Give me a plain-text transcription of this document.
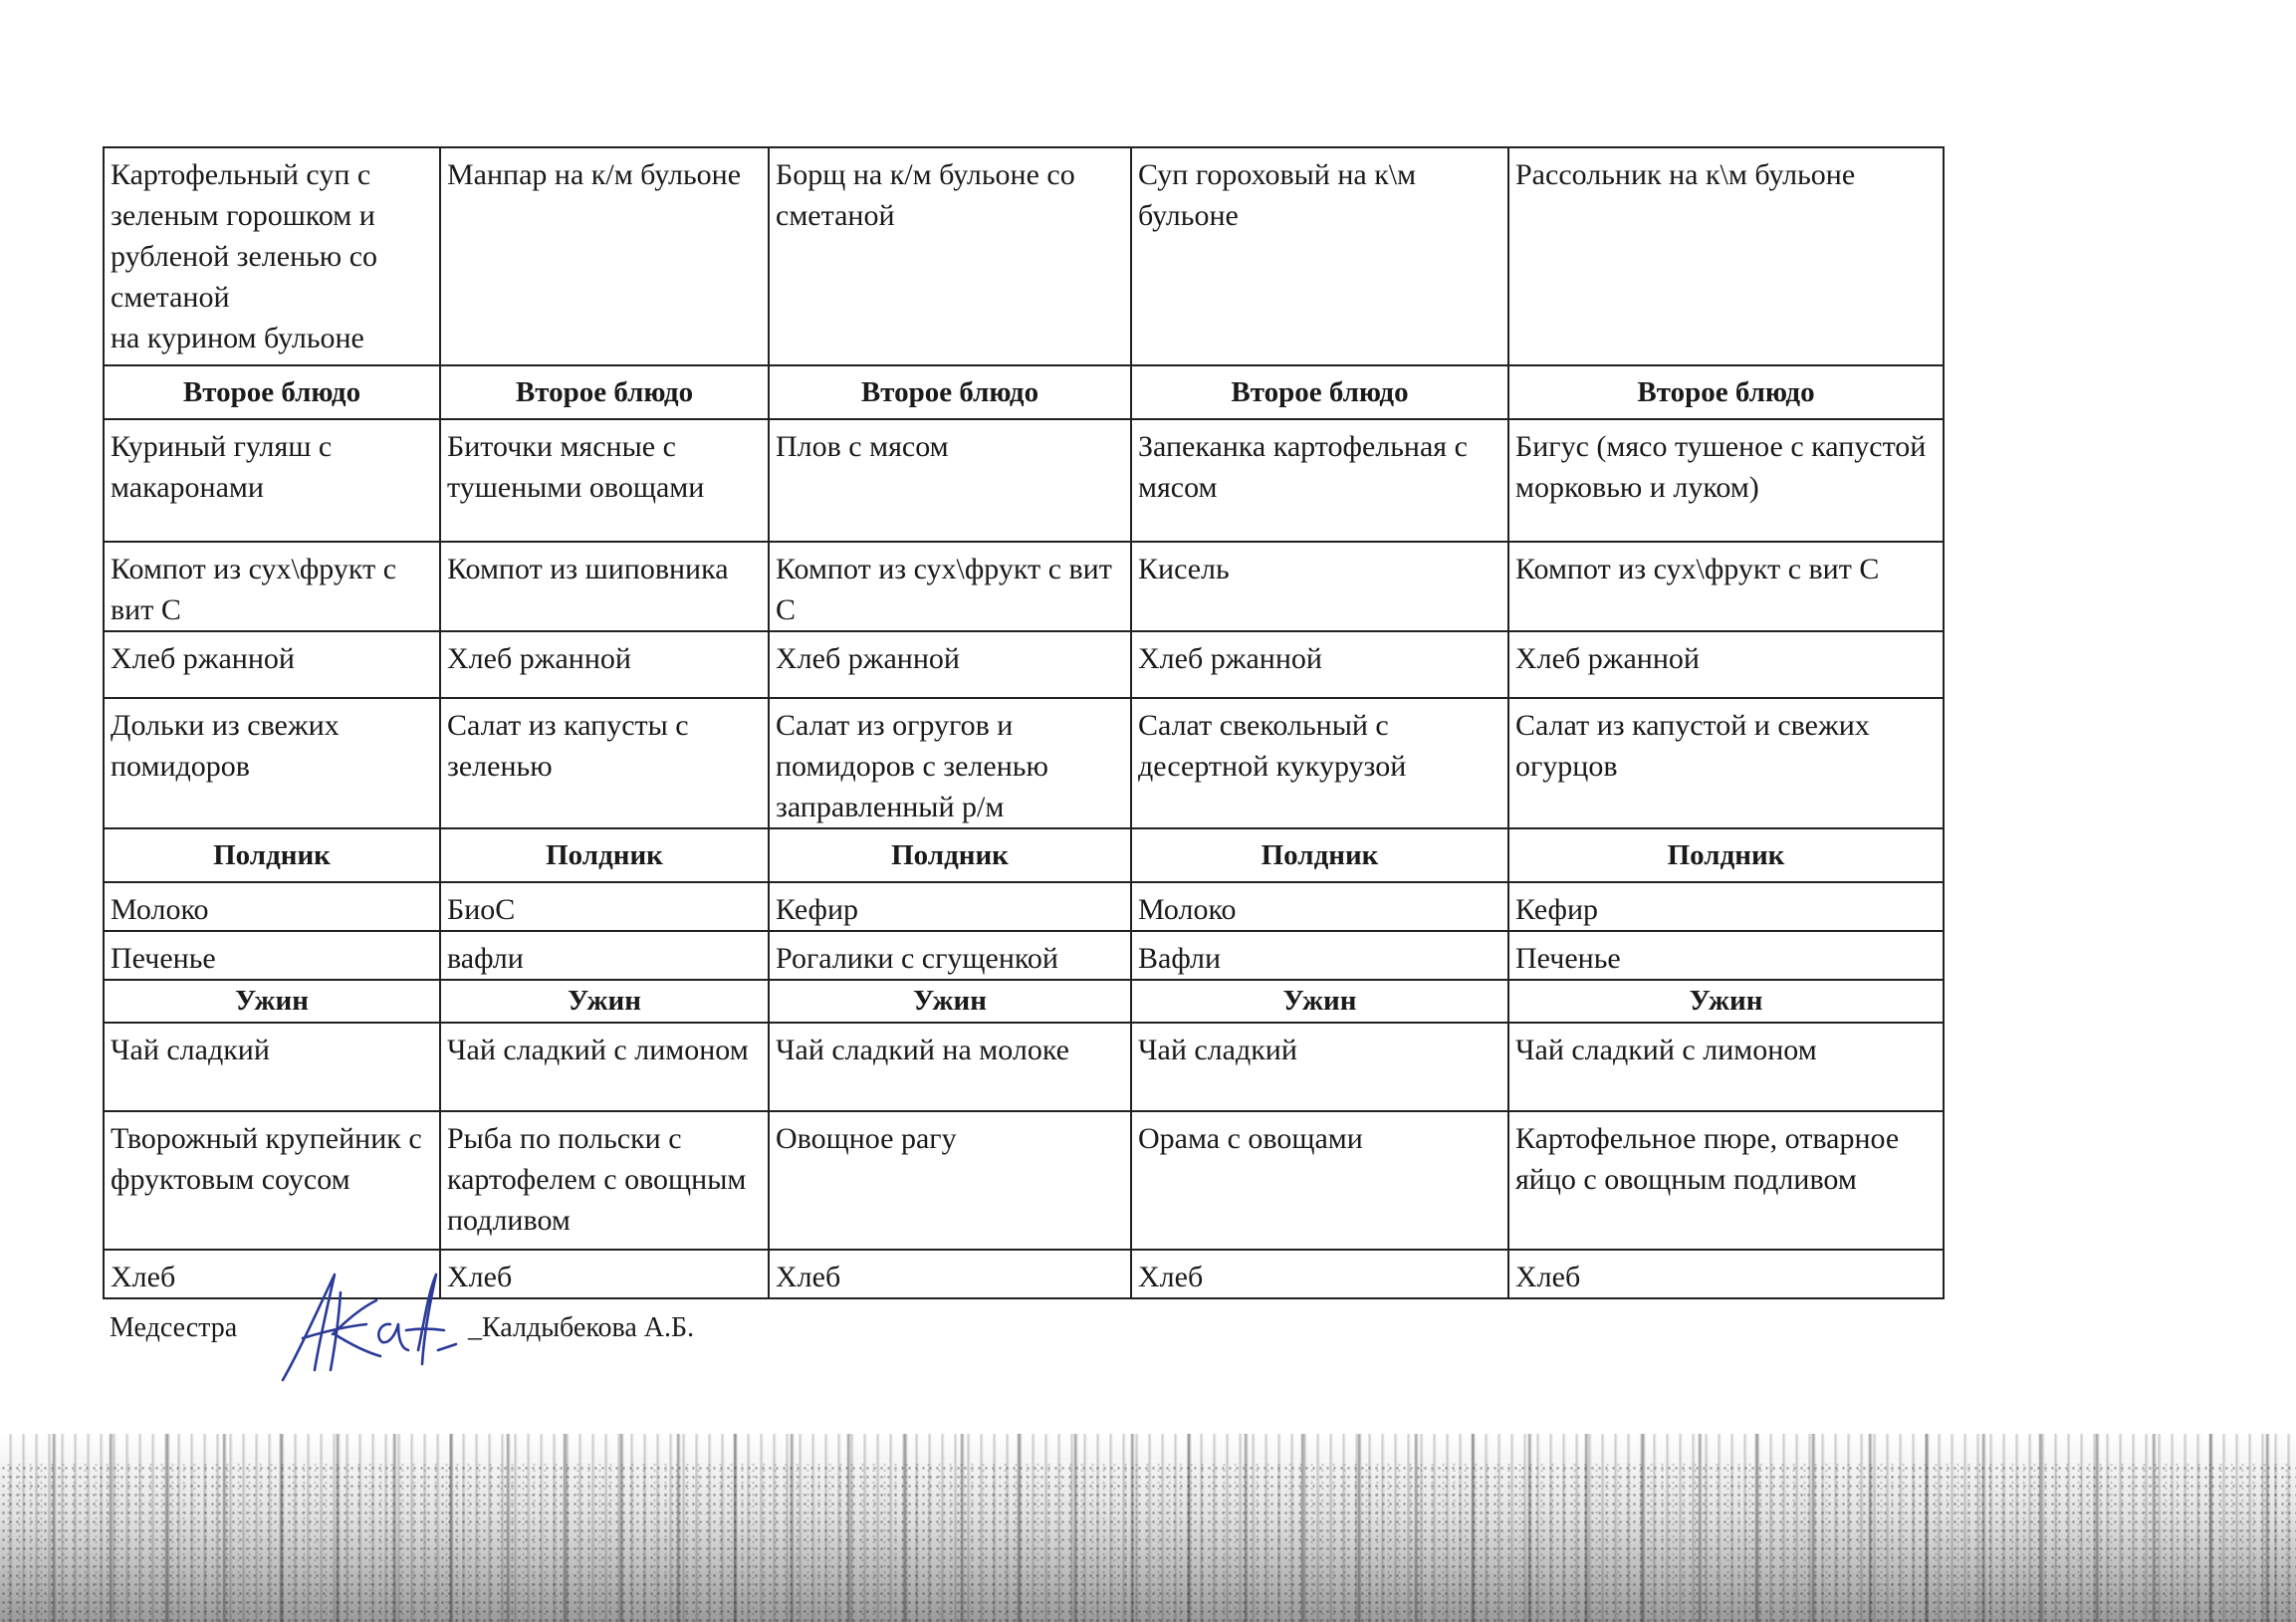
Картофельный суп с зеленым горошком и рубленой зеленью со сметаной
на курином бульоне	Манпар на к/м бульоне	Борщ на к/м бульоне со сметаной	Суп гороховый на к\м бульоне	Рассольник на к\м бульоне
Второе блюдо	Второе блюдо	Второе блюдо	Второе блюдо	Второе блюдо
Куриный гуляш с макаронами	Биточки мясные с тушеными овощами	Плов с мясом	Запеканка картофельная с мясом	Бигус (мясо тушеное с капустой морковью и луком)
Компот из сух\фрукт с вит С	Компот из шиповника	Компот из сух\фрукт с вит С	Кисель	Компот из сух\фрукт с вит С
Хлеб ржанной	Хлеб ржанной	Хлеб ржанной	Хлеб ржанной	Хлеб ржанной
Дольки из свежих помидоров	Салат из капусты с зеленью	Салат из огругов и помидоров с зеленью заправленный р/м	Салат свекольный с десертной кукурузой	Салат из капустой и свежих огурцов
Полдник	Полдник	Полдник	Полдник	Полдник
Молоко	БиоС	Кефир	Молоко	Кефир
Печенье	вафли	Рогалики с сгущенкой	Вафли	Печенье
Ужин	Ужин	Ужин	Ужин	Ужин
Чай сладкий	Чай сладкий с лимоном	Чай сладкий на молоке	Чай сладкий	Чай сладкий с лимоном
Творожный крупейник с фруктовым соусом	Рыба по польски с картофелем с овощным подливом	Овощное рагу	Орама с овощами	Картофельное пюре, отварное яйцо с овощным подливом
Хлеб	Хлеб	Хлеб	Хлеб	Хлеб
Медсестра	_Калдыбекова А.Б.
